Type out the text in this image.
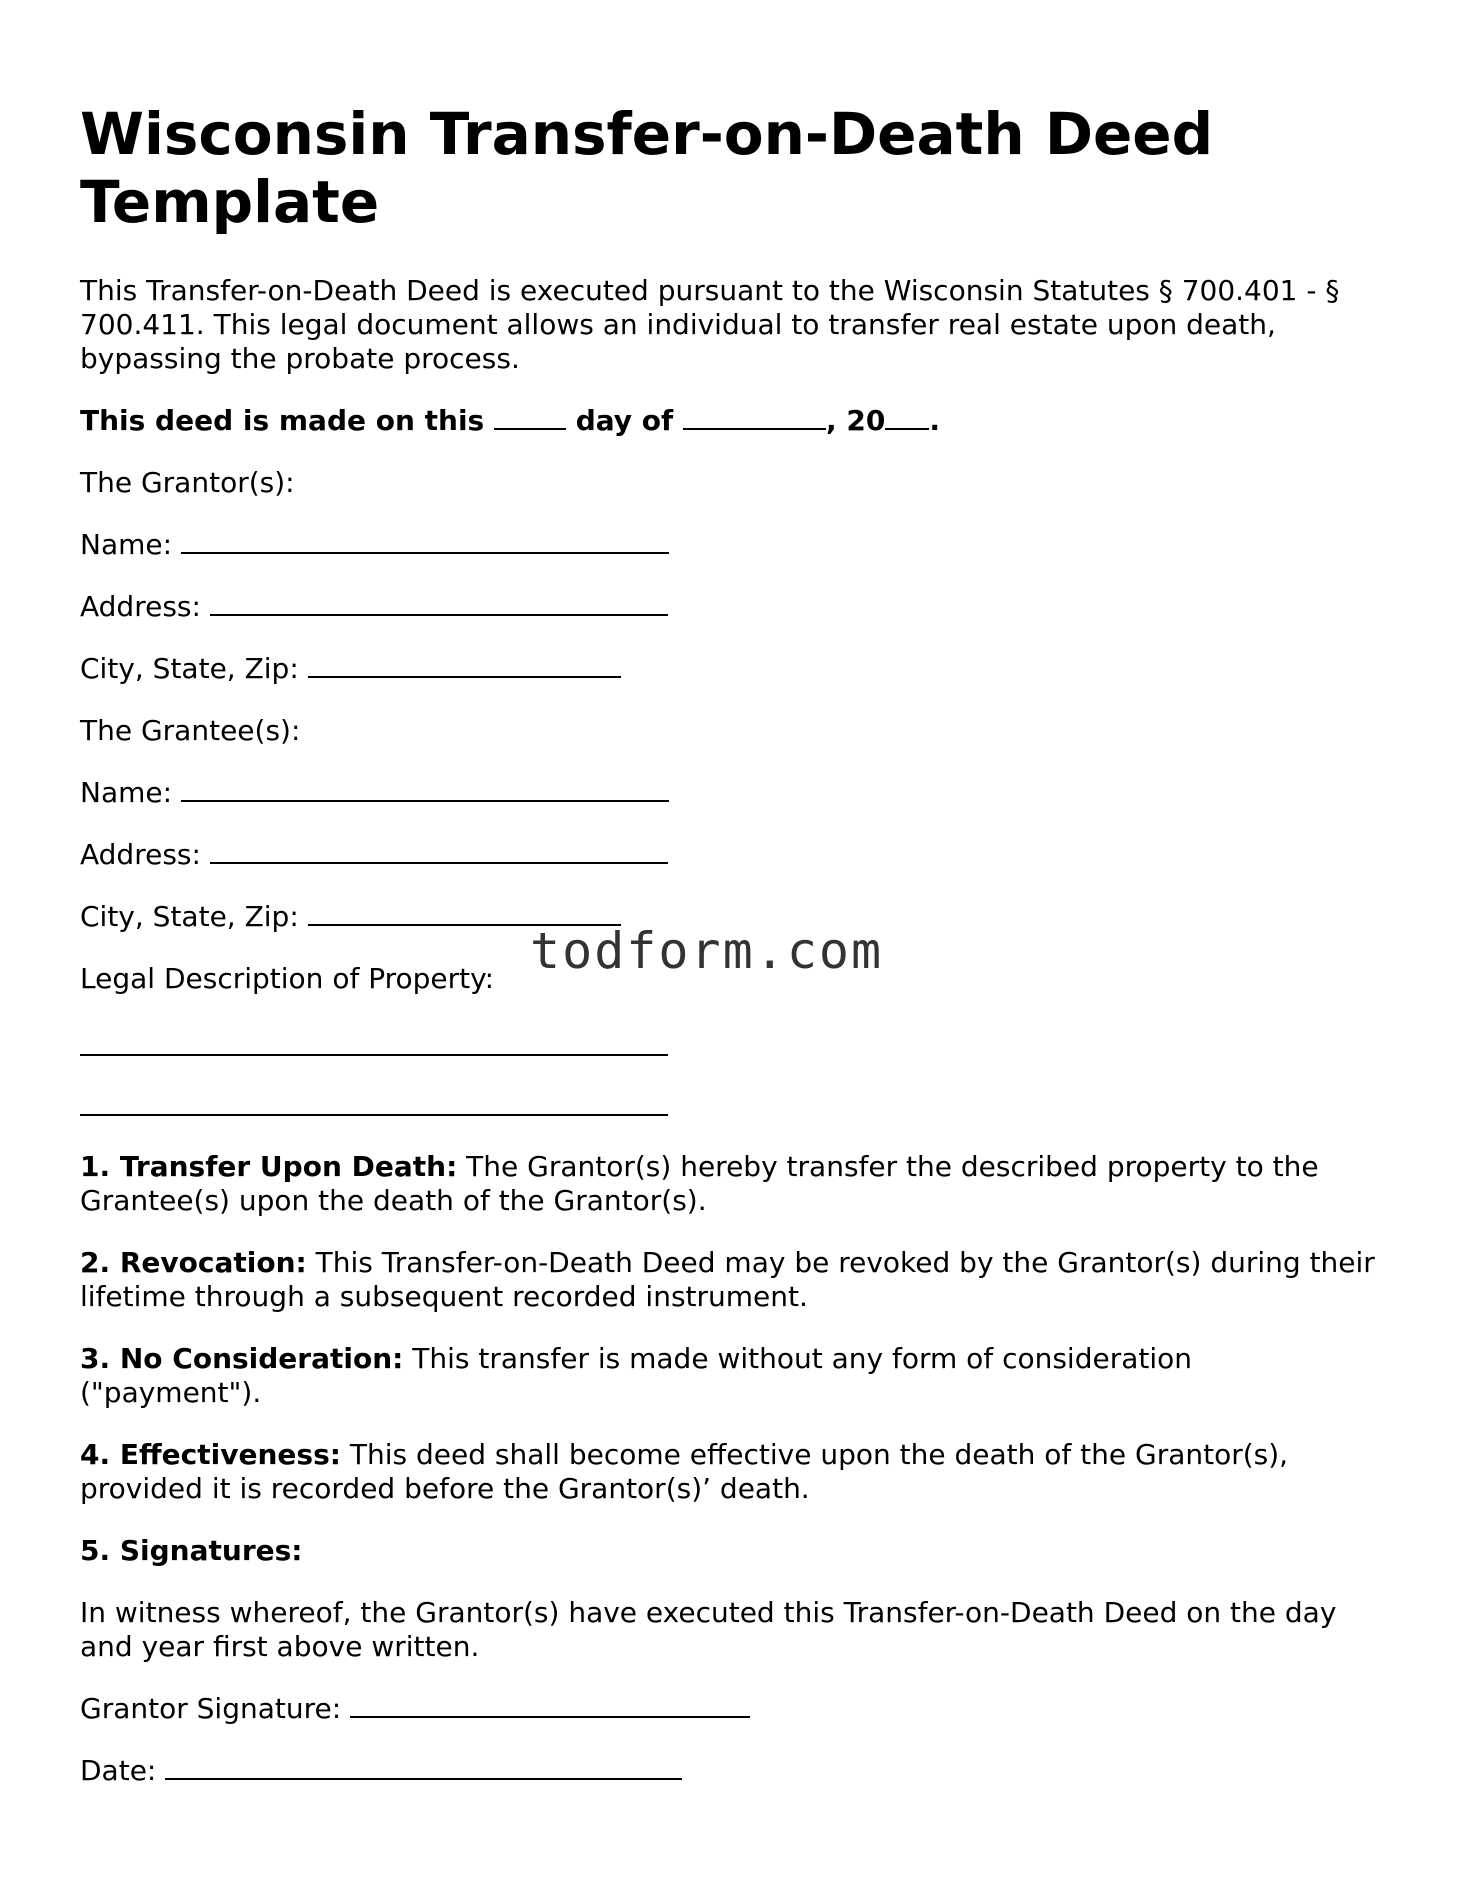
Wisconsin Transfer-on-Death Deed Template

This Transfer-on-Death Deed is executed pursuant to the Wisconsin Statutes § 700.401 - § 700.411. This legal document allows an individual to transfer real estate upon death, bypassing the probate process.

This deed is made on this	day of	, 20 .

The Grantor(s):

Name:

Address:

City, State, Zip:

The Grantee(s):

Name:

Address:

City, State, Zip:

Legal Description of Property:

1. Transfer Upon Death: The Grantor(s) hereby transfer the described property to the Grantee(s) upon the death of the Grantor(s).

2. Revocation: This Transfer-on-Death Deed may be revoked by the Grantor(s) during their lifetime through a subsequent recorded instrument.

3. No Consideration: This transfer is made without any form of consideration ("payment").

4. Effectiveness: This deed shall become effective upon the death of the Grantor(s), provided it is recorded before the Grantor(s)’ death.

5. Signatures:

In witness whereof, the Grantor(s) have executed this Transfer-on-Death Deed on the day and year first above written.

Grantor Signature:

Date:

todform.com
